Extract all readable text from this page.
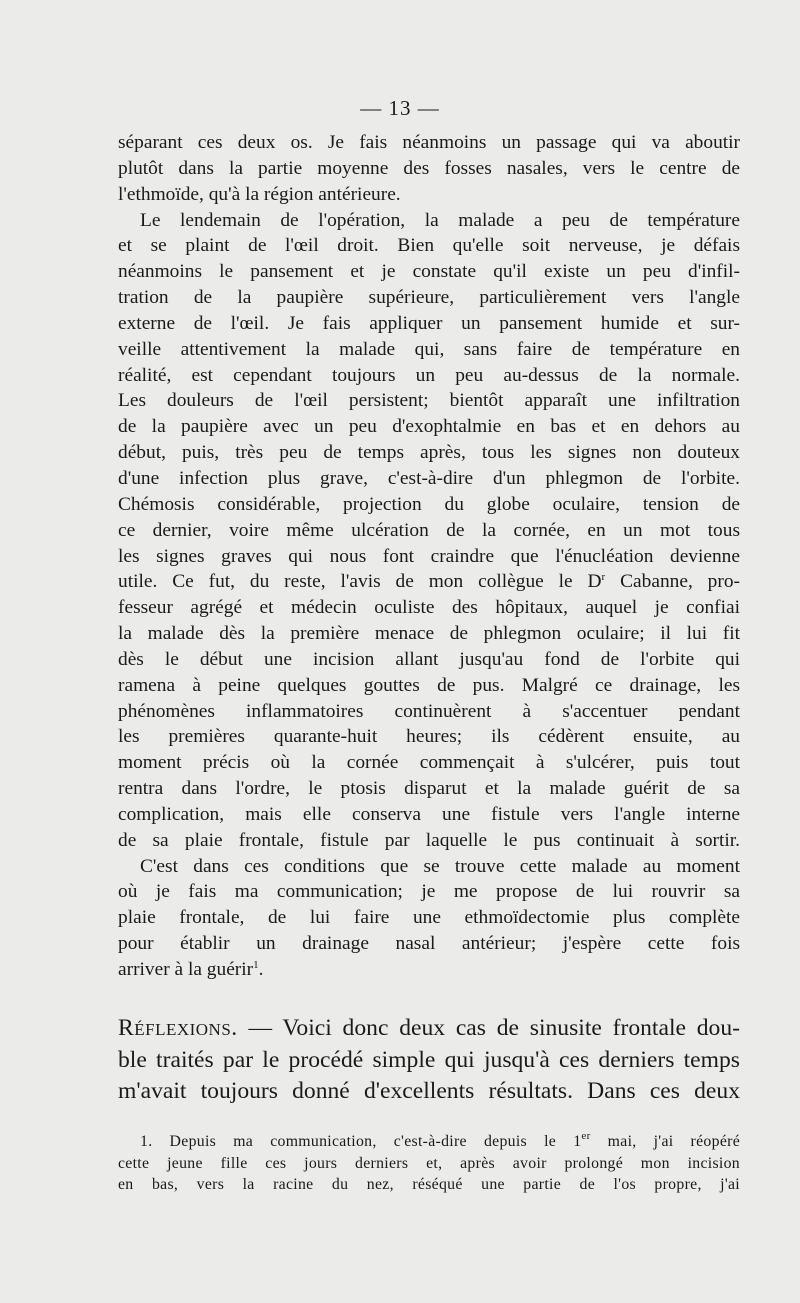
— 13 —
séparant ces deux os. Je fais néanmoins un passage qui va aboutir
plutôt dans la partie moyenne des fosses nasales, vers le centre de
l'ethmoïde, qu'à la région antérieure.
Le lendemain de l'opération, la malade a peu de température
et se plaint de l'œil droit. Bien qu'elle soit nerveuse, je défais
néanmoins le pansement et je constate qu'il existe un peu d'infil-
tration de la paupière supérieure, particulièrement vers l'angle
externe de l'œil. Je fais appliquer un pansement humide et sur-
veille attentivement la malade qui, sans faire de température en
réalité, est cependant toujours un peu au-dessus de la normale.
Les douleurs de l'œil persistent; bientôt apparaît une infiltration
de la paupière avec un peu d'exophtalmie en bas et en dehors au
début, puis, très peu de temps après, tous les signes non douteux
d'une infection plus grave, c'est-à-dire d'un phlegmon de l'orbite.
Chémosis considérable, projection du globe oculaire, tension de
ce dernier, voire même ulcération de la cornée, en un mot tous
les signes graves qui nous font craindre que l'énucléation devienne
utile. Ce fut, du reste, l'avis de mon collègue le $D^r$ Cabanne, pro-
fesseur agrégé et médecin oculiste des hôpitaux, auquel je confiai
la malade dès la première menace de phlegmon oculaire; il lui fit
dès le début une incision allant jusqu'au fond de l'orbite qui
ramena à peine quelques gouttes de pus. Malgré ce drainage, les
phénomènes inflammatoires continuèrent à s'accentuer pendant
les premières quarante-huit heures; ils cédèrent ensuite, au
moment précis où la cornée commençait à s'ulcérer, puis tout
rentra dans l'ordre, le ptosis disparut et la malade guérit de sa
complication, mais elle conserva une fistule vers l'angle interne
de sa plaie frontale, fistule par laquelle le pus continuait à sortir.
C'est dans ces conditions que se trouve cette malade au moment
où je fais ma communication; je me propose de lui rouvrir sa
plaie frontale, de lui faire une ethmoïdectomie plus complète
pour établir un drainage nasal antérieur; j'espère cette fois
arriver à la guérir$^1$.
Réflexions. — Voici donc deux cas de sinusite frontale dou-
ble traités par le procédé simple qui jusqu'à ces derniers temps
m'avait toujours donné d'excellents résultats. Dans ces deux
1. Depuis ma communication, c'est-à-dire depuis le 1er mai, j'ai réopéré
cette jeune fille ces jours derniers et, après avoir prolongé mon incision
en bas, vers la racine du nez, réséqué une partie de l'os propre, j'ai
